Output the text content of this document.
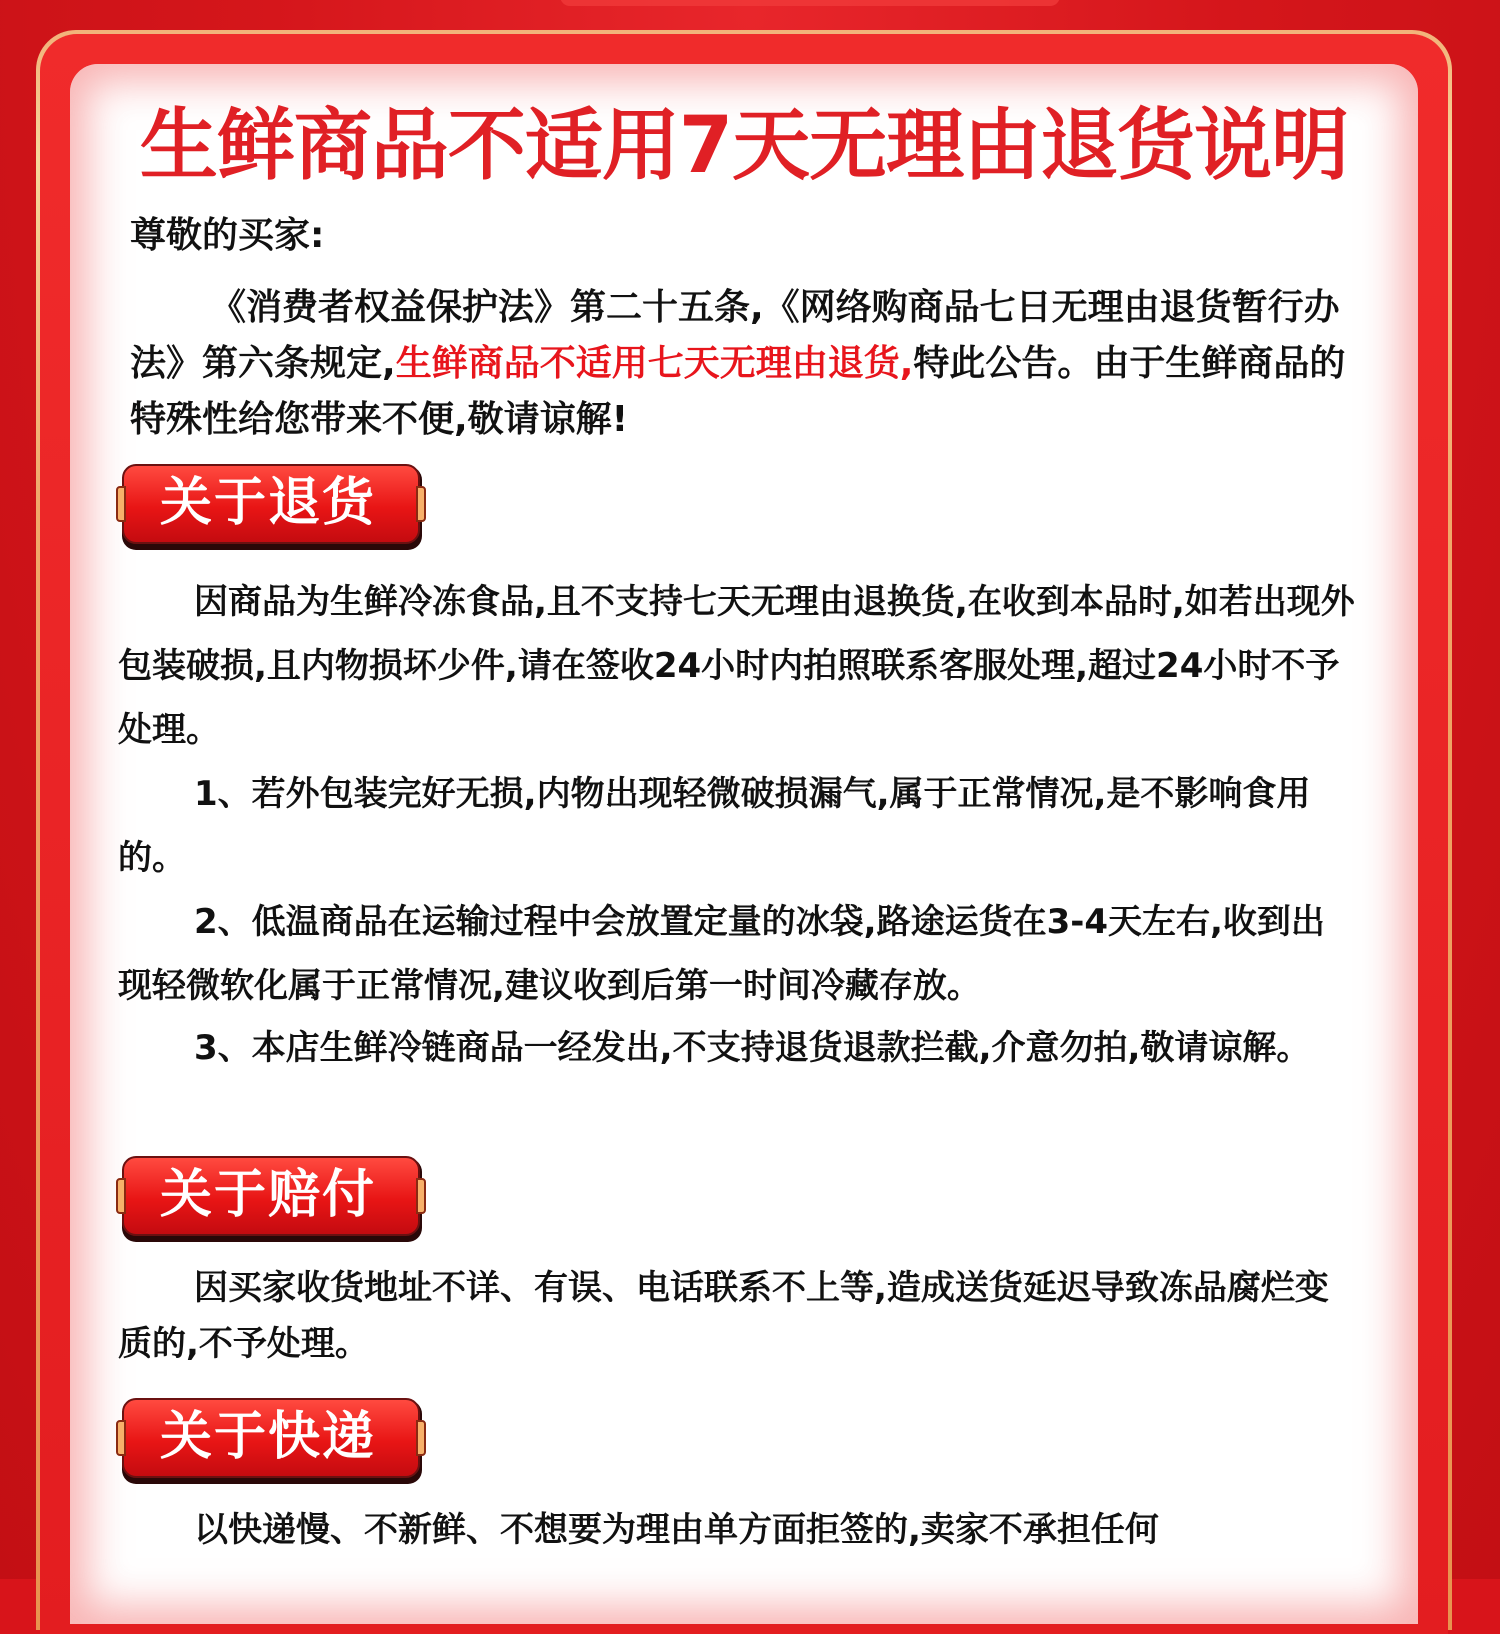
生鲜商品不适用7天无理由退货说明
尊敬的买家:
《消费者权益保护法》第二十五条,《网络购商品七日无理由退货暂行办法》第六条规定,生鲜商品不适用七天无理由退货,特此公告。由于生鲜商品的特殊性给您带来不便,敬请谅解!
关于退货

因商品为生鲜冷冻食品,且不支持七天无理由退换货,在收到本品时,如若出现外包装破损,且内物损坏少件,请在签收24小时内拍照联系客服处理,超过24小时不予处理。

1、若外包装完好无损,内物出现轻微破损漏气,属于正常情况,是不影响食用的。

2、低温商品在运输过程中会放置定量的冰袋,路途运货在3-4天左右,收到出现轻微软化属于正常情况,建议收到后第一时间冷藏存放。

3、本店生鲜冷链商品一经发出,不支持退货退款拦截,介意勿拍,敬请谅解。

关于赔付

因买家收货地址不详、有误、电话联系不上等,造成送货延迟导致冻品腐烂变质的,不予处理。

关于快递

以快递慢、不新鲜、不想要为理由单方面拒签的,卖家不承担任何
